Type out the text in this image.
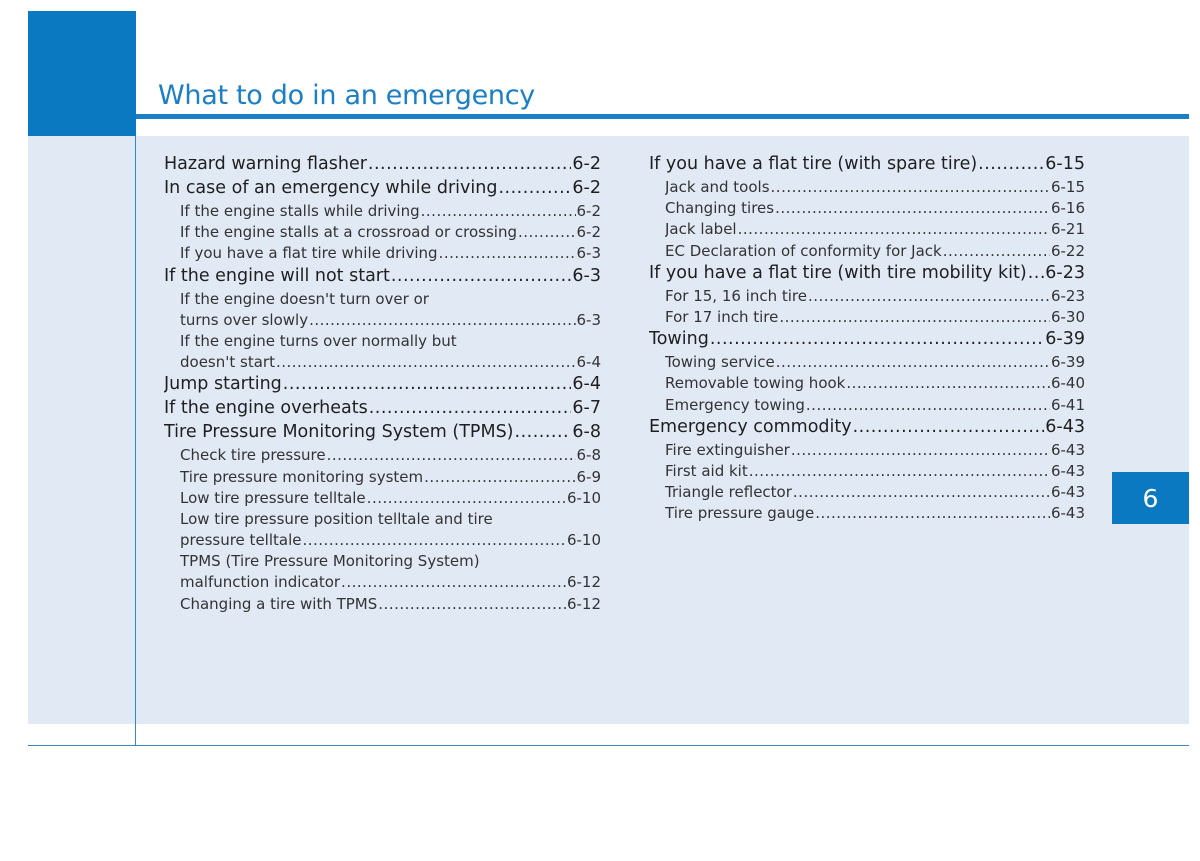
What to do in an emergency
6
Hazard warning flasher .....	6-2
In case of an emergency while driving .....	6-2
If the engine stalls while driving .....	6-2
If the engine stalls at a crossroad or crossing .....	6-2
If you have a flat tire while driving .....	6-3
If the engine will not start .....	6-3
If the engine doesn't turn over or
turns over slowly .....	6-3
If the engine turns over normally but
doesn't start .....	6-4
Jump starting .....	6-4
If the engine overheats .....	6-7
Tire Pressure Monitoring System (TPMS) .....	6-8
Check tire pressure .....	6-8
Tire pressure monitoring system .....	6-9
Low tire pressure telltale .....	6-10
Low tire pressure position telltale and tire
pressure telltale .....	6-10
TPMS (Tire Pressure Monitoring System)
malfunction indicator .....	6-12
Changing a tire with TPMS .....	6-12
If you have a flat tire (with spare tire) .....	6-15
Jack and tools .....	6-15
Changing tires .....	6-16
Jack label .....	6-21
EC Declaration of conformity for Jack .....	6-22
If you have a flat tire (with tire mobility kit) ..... 6-23
For 15, 16 inch tire .....	6-23
For 17 inch tire .....	6-30
Towing .....	6-39
Towing service .....	6-39
Removable towing hook .....	6-40
Emergency towing .....	6-41
Emergency commodity .....	6-43
Fire extinguisher .....	6-43
First aid kit .....	6-43
Triangle reflector .....	6-43
Tire pressure gauge .....	6-43
